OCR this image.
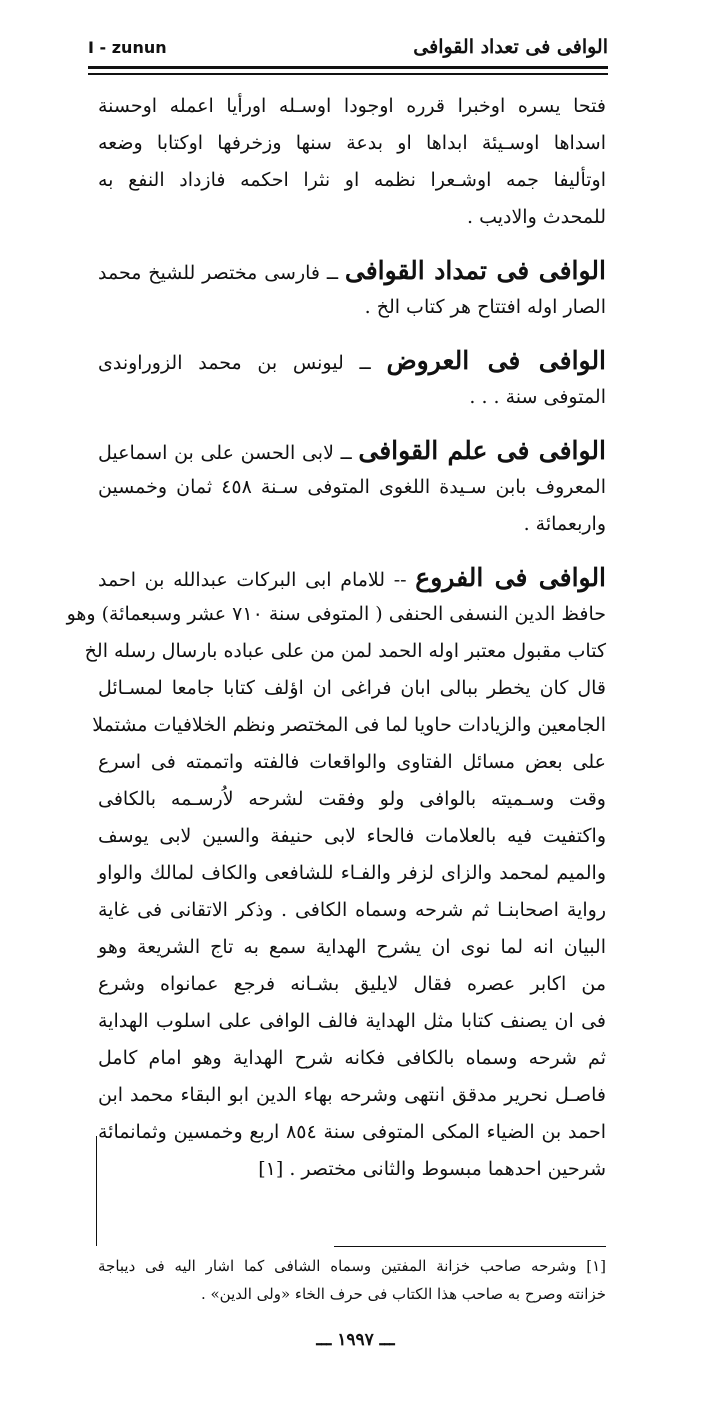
I - zunun	الوافى فى تعداد القوافى
فتحا يسره اوخبرا قرره اوجودا اوسـله اورأيا اعمله اوحسنة
اسداها اوسـيئة ابداها او بدعة سنها وزخرفها اوكتابا وضعه
اوتأليفا جمه اوشـعرا نظمه او نثرا احكمه فازداد النفع به
للمحدث والاديب .
الوافى فى تمداد القوافى ــ فارسى مختصر للشيخ محمد
الصار اوله افتتاح هر كتاب الخ .
الوافى فى العروض ــ ليونس بن محمد الزوراوندى
المتوفى سنة . . .
الوافى فى علم القوافى ــ لابى الحسن على بن اسماعيل
المعروف بابن سـيدة اللغوى المتوفى سـنة ٤٥٨ ثمان وخمسين
واربعمائة .
الوافى فى الفروع -- للامام ابى البركات عبدالله بن احمد
حافظ الدين النسفى الحنفى ( المتوفى سنة ٧١٠ عشر وسبعمائة) وهو
كتاب مقبول معتبر اوله الحمد لمن من على عباده بارسال رسله الخ
قال كان يخطر ببالى ابان فراغى ان اؤلف كتابا جامعا لمسـائل
الجامعين والزيادات حاويا لما فى المختصر ونظم الخلافيات مشتملا
على بعض مسائل الفتاوى والواقعات فالفته واتممته فى اسرع
وقت وسـميته بالوافى ولو وفقت لشرحه لاُرسـمه بالكافى
واكتفيت فيه بالعلامات فالحاء لابى حنيفة والسين لابى يوسف
والميم لمحمد والزاى لزفر والفـاء للشافعى والكاف لمالك والواو
رواية اصحابنـا ثم شرحه وسماه الكافى . وذكر الاتقانى فى غاية
البيان انه لما نوى ان يشرح الهداية سمع به تاج الشريعة وهو
من اكابر عصره فقال لايليق بشـانه فرجع عمانواه وشرع
فى ان يصنف كتابا مثل الهداية فالف الوافى على اسلوب الهداية
ثم شرحه وسماه بالكافى فكانه شرح الهداية وهو امام كامل
فاصـل نحرير مدقق انتهى وشرحه بهاء الدين ابو البقاء محمد ابن
احمد بن الضياء المكى المتوفى سنة ٨٥٤ اربع وخمسين وثمانمائة
شرحين احدهما مبسوط والثانى مختصر . [١]
[١] وشرحه صاحب خزانة المفتين وسماه الشافى كما اشار اليه فى ديباجة
خزانته وصرح به صاحب هذا الكتاب فى حرف الخاء «ولى الدين» .
ـــ ١٩٩٧ ـــ
